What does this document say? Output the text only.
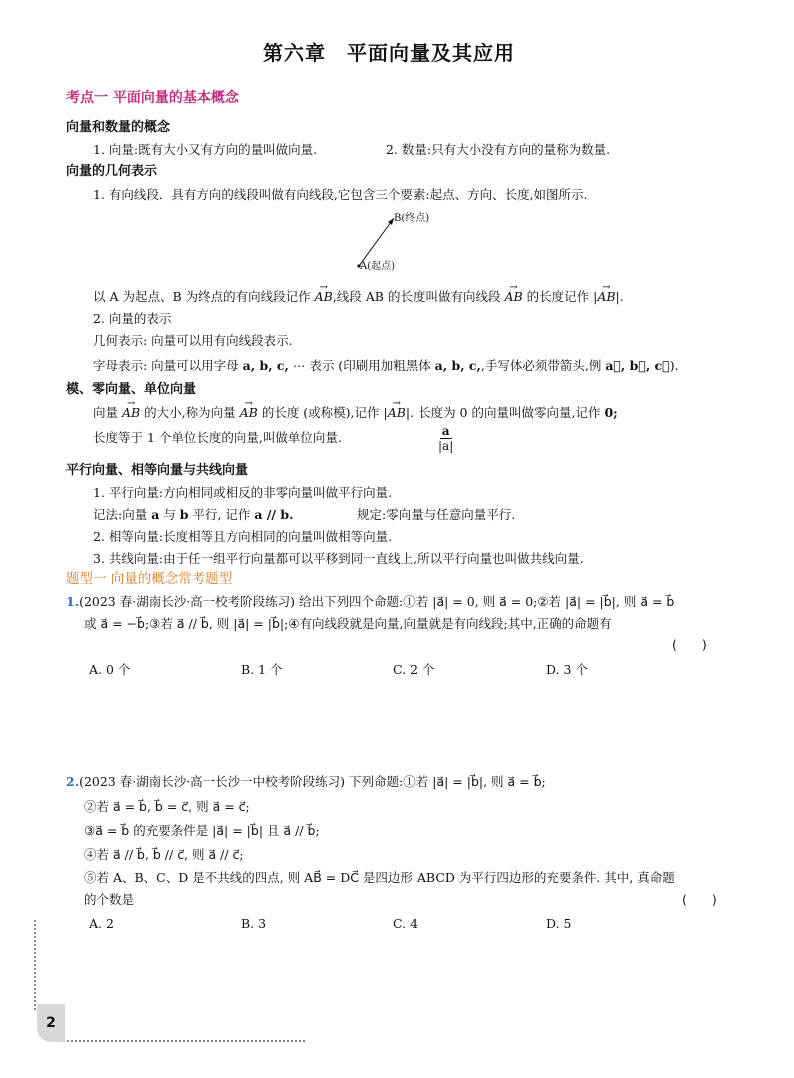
第六章　平面向量及其应用
考点一 平面向量的基本概念
向量和数量的概念
1. 向量:既有大小又有方向的量叫做向量.	2. 数量:只有大小没有方向的量称为数量.
向量的几何表示
1. 有向线段．具有方向的线段叫做有向线段,它包含三个要素:起点、方向、长度,如图所示.
B(终点)
A(起点)
以 A 为起点、B 为终点的有向线段记作 → AB,线段 AB 的长度叫做有向线段 → AB 的长度记作 |→ AB|.
2. 向量的表示
几何表示: 向量可以用有向线段表示.
字母表示: 向量可以用字母 a, b, c, ⋯ 表示 (印刷用加粗黑体 a, b, c,,手写体必须带箭头,例 a⃗, b⃗, c⃗).
模、零向量、单位向量
向量 → AB 的大小,称为向量 → AB 的长度 (或称模),记作 |→ AB|. 长度为 0 的向量叫做零向量,记作 0;
长度等于 1 个单位长度的向量,叫做单位向量.	$\frac{a}{|a|}$
平行向量、相等向量与共线向量
1. 平行向量:方向相同或相反的非零向量叫做平行向量.
记法:向量 a 与 b 平行, 记作 a // b.	规定:零向量与任意向量平行.
2. 相等向量:长度相等且方向相同的向量叫做相等向量.
3. 共线向量:由于任一组平行向量都可以平移到同一直线上,所以平行向量也叫做共线向量.
题型一 向量的概念常考题型
1.(2023 春·湖南长沙·高一校考阶段练习) 给出下列四个命题:①若 |a⃗| = 0, 则 a⃗ = 0;②若 |a⃗| = |b⃗|, 则 a⃗ = b⃗
或 a⃗ = −b⃗;③若 a⃗ // b⃗, 则 |a⃗| = |b⃗|;④有向线段就是向量,向量就是有向线段;其中,正确的命题有
(　　)
A. 0 个	B. 1 个	C. 2 个	D. 3 个
2.(2023 春·湖南长沙·高一长沙一中校考阶段练习) 下列命题:①若 |a⃗| = |b⃗|, 则 a⃗ = b⃗;
②若 a⃗ = b⃗, b⃗ = c⃗, 则 a⃗ = c⃗;
③a⃗ = b⃗ 的充要条件是 |a⃗| = |b⃗| 且 a⃗ // b⃗;
④若 a⃗ // b⃗, b⃗ // c⃗, 则 a⃗ // c⃗;
⑤若 A、B、C、D 是不共线的四点, 则 AB⃗ = DC⃗ 是四边形 ABCD 为平行四边形的充要条件. 其中, 真命题
的个数是	(　　)
A. 2	B. 3	C. 4	D. 5
2
